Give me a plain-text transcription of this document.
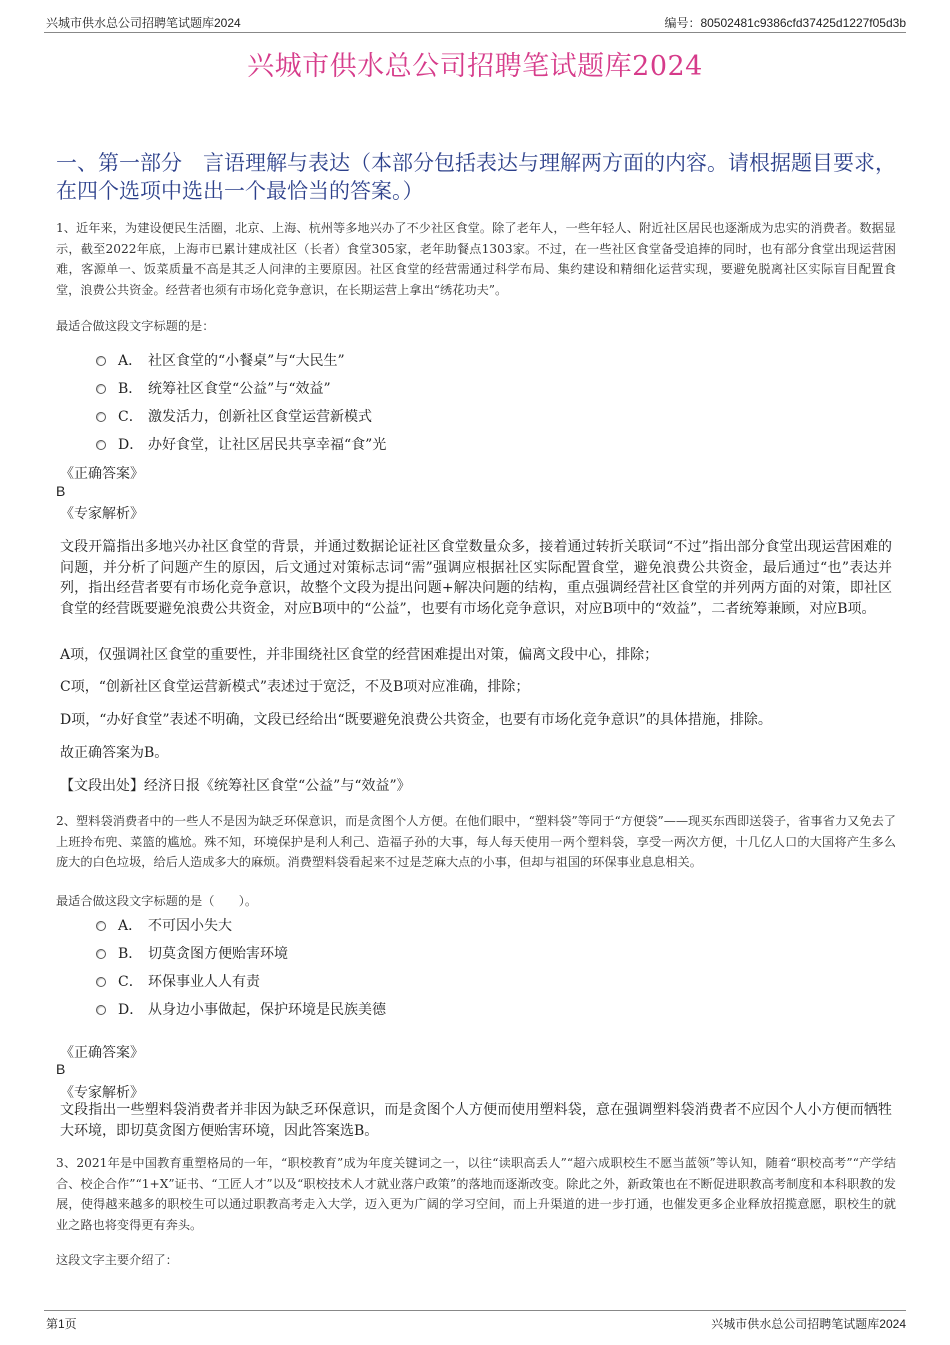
兴城市供水总公司招聘笔试题库2024	编号：80502481c9386cfd37425d1227f05d3b
兴城市供水总公司招聘笔试题库2024
一、第一部分　言语理解与表达（本部分包括表达与理解两方面的内容。请根据题目要求，在四个选项中选出一个最恰当的答案。）
1、近年来，为建设便民生活圈，北京、上海、杭州等多地兴办了不少社区食堂。除了老年人，一些年轻人、附近社区居民也逐渐成为忠实的消费者。数据显示，截至2022年底，上海市已累计建成社区（长者）食堂305家，老年助餐点1303家。不过，在一些社区食堂备受追捧的同时，也有部分食堂出现运营困难，客源单一、饭菜质量不高是其乏人问津的主要原因。社区食堂的经营需通过科学布局、集约建设和精细化运营实现，要避免脱离社区实际盲目配置食堂，浪费公共资金。经营者也须有市场化竞争意识，在长期运营上拿出“绣花功夫”。
最适合做这段文字标题的是：
A． 社区食堂的“小餐桌”与“大民生”
B． 统筹社区食堂“公益”与“效益”
C． 激发活力，创新社区食堂运营新模式
D． 办好食堂，让社区居民共享幸福“食”光
《正确答案》
B
《专家解析》
文段开篇指出多地兴办社区食堂的背景，并通过数据论证社区食堂数量众多，接着通过转折关联词“不过”指出部分食堂出现运营困难的问题，并分析了问题产生的原因，后文通过对策标志词“需”强调应根据社区实际配置食堂，避免浪费公共资金，最后通过“也”表达并列，指出经营者要有市场化竞争意识，故整个文段为提出问题+解决问题的结构，重点强调经营社区食堂的并列两方面的对策，即社区食堂的经营既要避免浪费公共资金，对应B项中的“公益”，也要有市场化竞争意识，对应B项中的“效益”，二者统筹兼顾，对应B项。
A项，仅强调社区食堂的重要性，并非围绕社区食堂的经营困难提出对策，偏离文段中心，排除；
C项，“创新社区食堂运营新模式”表述过于宽泛，不及B项对应准确，排除；
D项，“办好食堂”表述不明确，文段已经给出“既要避免浪费公共资金，也要有市场化竞争意识”的具体措施，排除。
故正确答案为B。
【文段出处】经济日报《统筹社区食堂“公益”与“效益”》
2、塑料袋消费者中的一些人不是因为缺乏环保意识，而是贪图个人方便。在他们眼中，“塑料袋”等同于“方便袋”——现买东西即送袋子，省事省力又免去了上班拎布兜、菜篮的尴尬。殊不知，环境保护是利人利己、造福子孙的大事，每人每天使用一两个塑料袋，享受一两次方便，十几亿人口的大国将产生多么庞大的白色垃圾，给后人造成多大的麻烦。消费塑料袋看起来不过是芝麻大点的小事，但却与祖国的环保事业息息相关。
最适合做这段文字标题的是（　　）。
A． 不可因小失大
B． 切莫贪图方便贻害环境
C． 环保事业人人有责
D． 从身边小事做起，保护环境是民族美德
《正确答案》
B
《专家解析》
文段指出一些塑料袋消费者并非因为缺乏环保意识，而是贪图个人方便而使用塑料袋，意在强调塑料袋消费者不应因个人小方便而牺牲大环境，即切莫贪图方便贻害环境，因此答案选B。
3、2021年是中国教育重塑格局的一年，“职校教育”成为年度关键词之一，以往“读职高丢人”“超六成职校生不愿当蓝领”等认知，随着“职校高考”“产学结合、校企合作”“1+X”证书、“工匠人才”以及“职校技术人才就业落户政策”的落地而逐渐改变。除此之外，新政策也在不断促进职教高考制度和本科职教的发展，使得越来越多的职校生可以通过职教高考走入大学，迈入更为广阔的学习空间，而上升渠道的进一步打通，也催发更多企业释放招揽意愿，职校生的就业之路也将变得更有奔头。
这段文字主要介绍了：
第1页	兴城市供水总公司招聘笔试题库2024
